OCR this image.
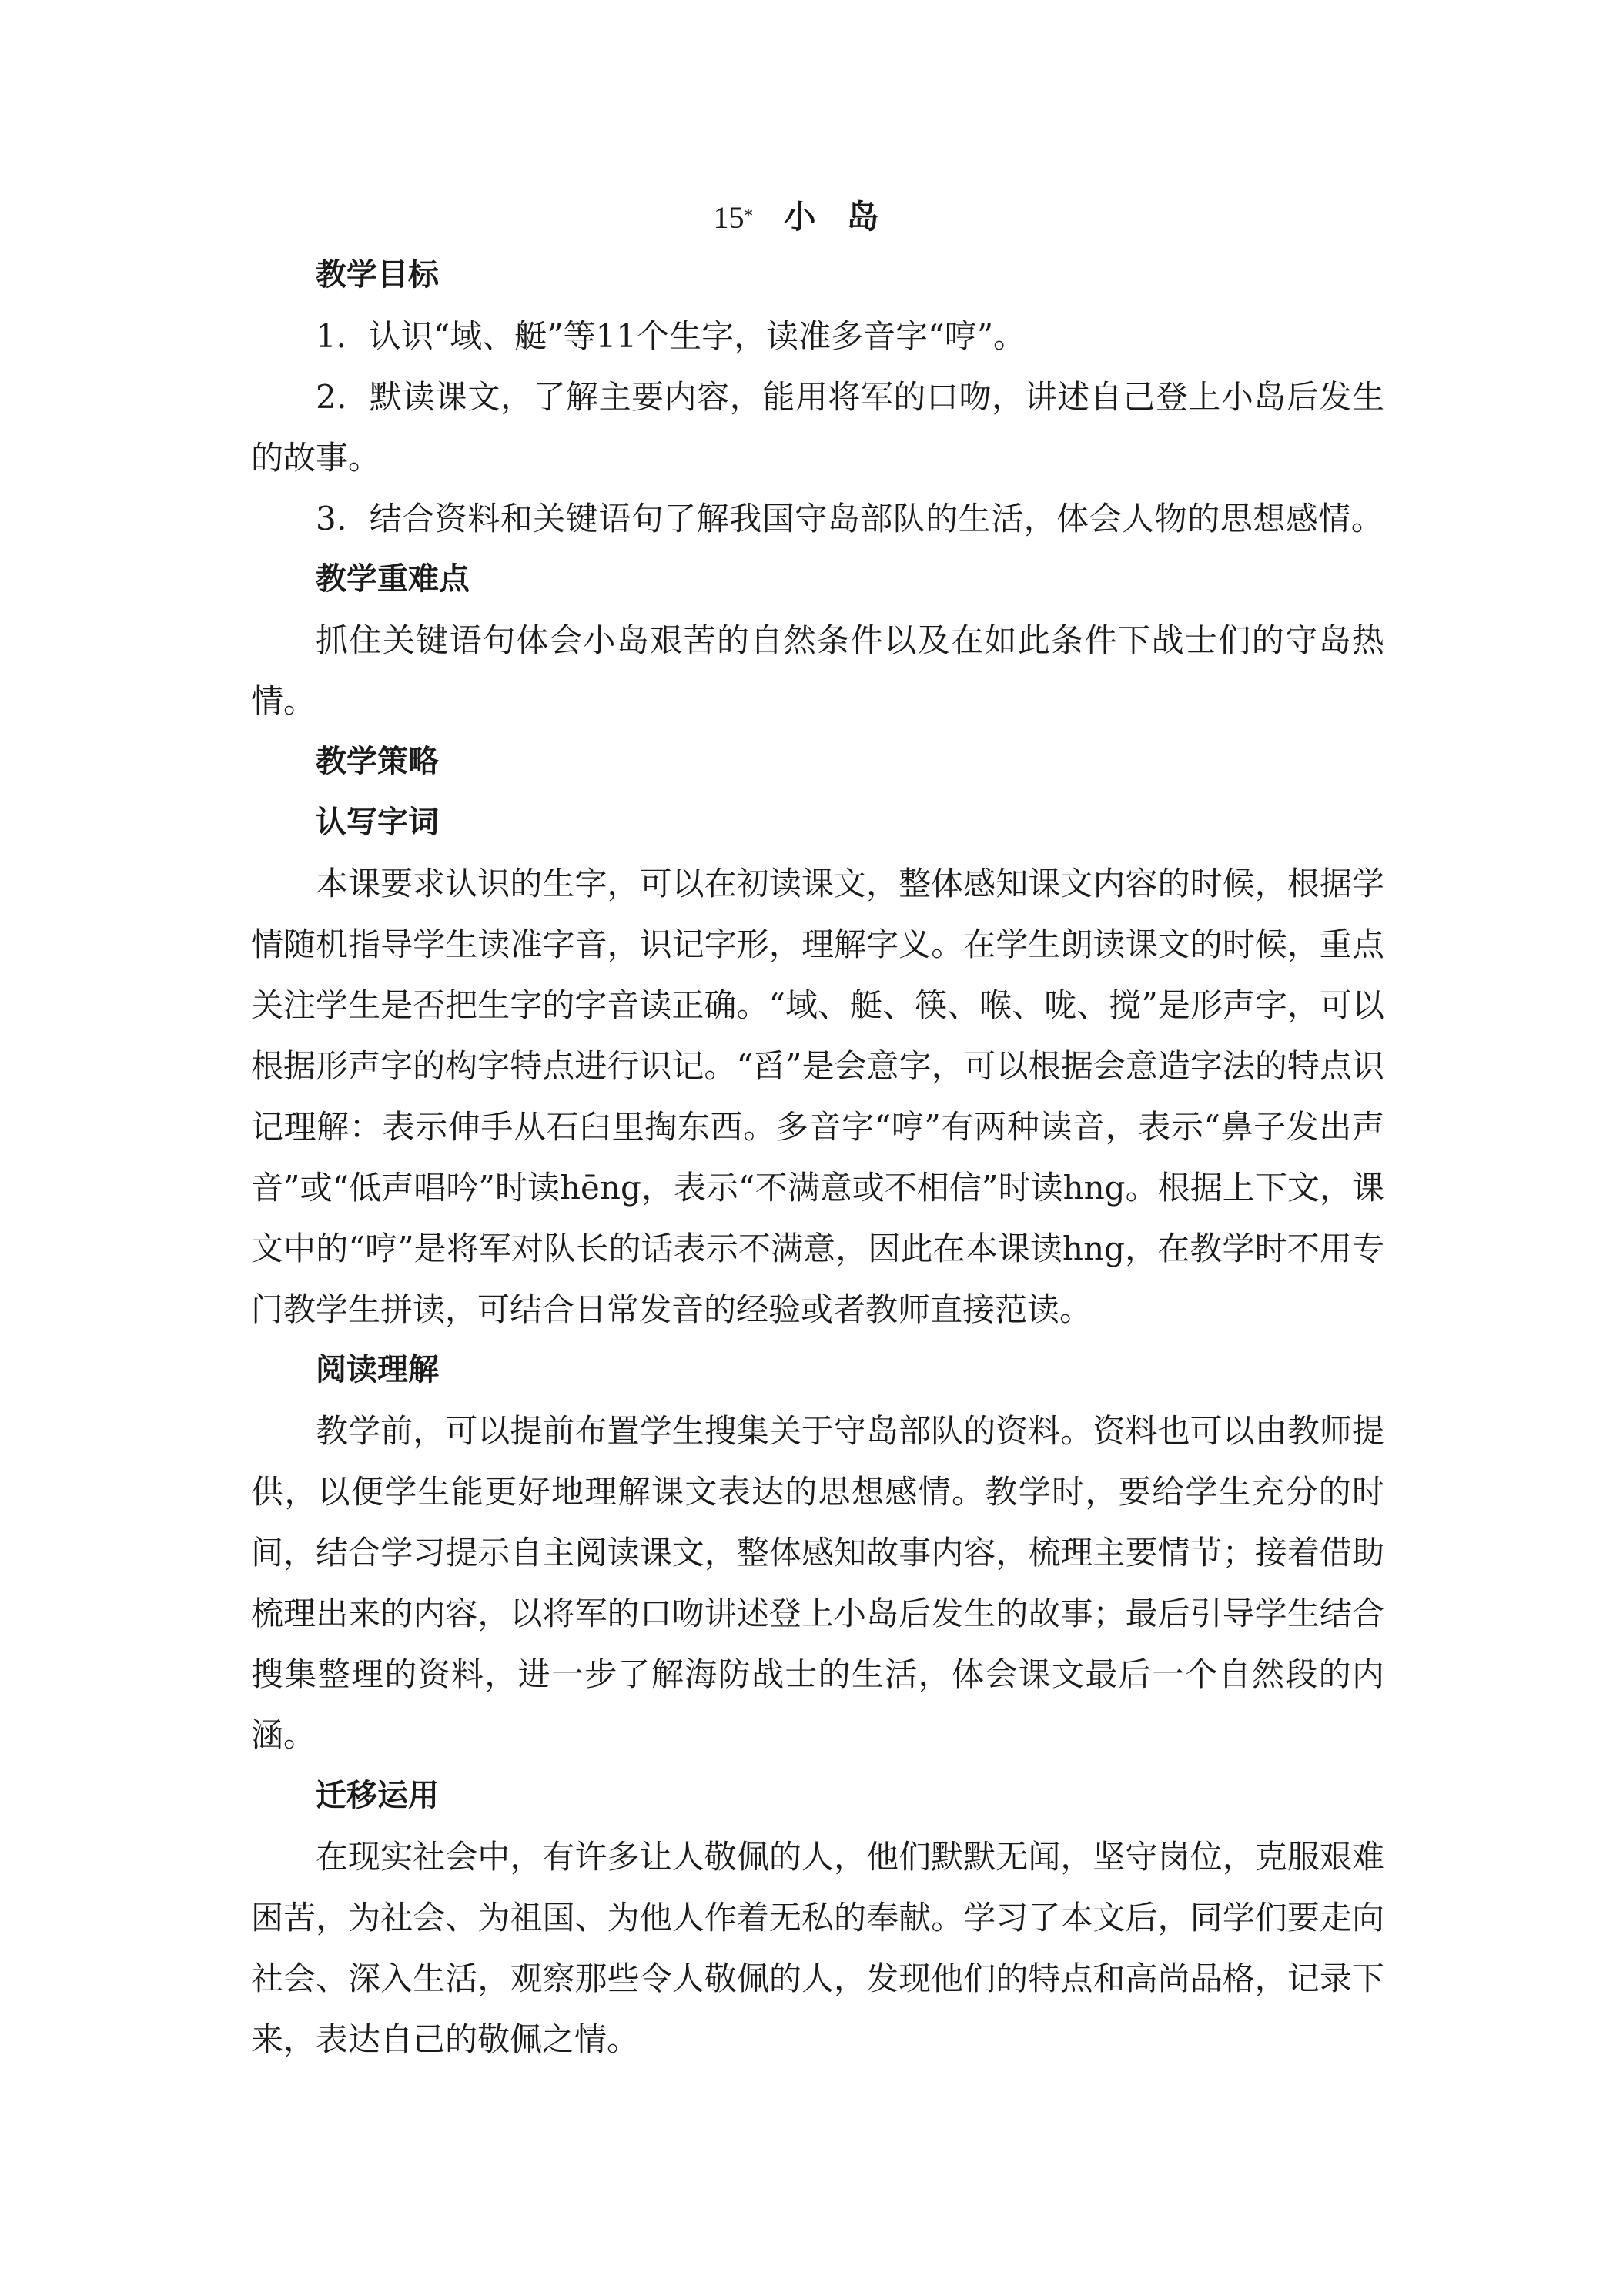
15* 小岛
教学目标

1．认识“域、艇”等11个生字，读准多音字“哼”。

2．默读课文，了解主要内容，能用将军的口吻，讲述自己登上小岛后发生的故事。

3．结合资料和关键语句了解我国守岛部队的生活，体会人物的思想感情。

教学重难点

抓住关键语句体会小岛艰苦的自然条件以及在如此条件下战士们的守岛热情。

教学策略
认写字词

本课要求认识的生字，可以在初读课文，整体感知课文内容的时候，根据学情随机指导学生读准字音，识记字形，理解字义。在学生朗读课文的时候，重点关注学生是否把生字的字音读正确。“域、艇、筷、喉、咙、搅”是形声字，可以根据形声字的构字特点进行识记。“舀”是会意字，可以根据会意造字法的特点识记理解：表示伸手从石臼里掏东西。多音字“哼”有两种读音，表示“鼻子发出声音”或“低声唱吟”时读hēng，表示“不满意或不相信”时读hng。根据上下文，课文中的“哼”是将军对队长的话表示不满意，因此在本课读hng，在教学时不用专门教学生拼读，可结合日常发音的经验或者教师直接范读。

阅读理解

教学前，可以提前布置学生搜集关于守岛部队的资料。资料也可以由教师提供，以便学生能更好地理解课文表达的思想感情。教学时，要给学生充分的时间，结合学习提示自主阅读课文，整体感知故事内容，梳理主要情节；接着借助梳理出来的内容，以将军的口吻讲述登上小岛后发生的故事；最后引导学生结合搜集整理的资料，进一步了解海防战士的生活，体会课文最后一个自然段的内涵。

迁移运用

在现实社会中，有许多让人敬佩的人，他们默默无闻，坚守岗位，克服艰难困苦，为社会、为祖国、为他人作着无私的奉献。学习了本文后，同学们要走向社会、深入生活，观察那些令人敬佩的人，发现他们的特点和高尚品格，记录下来，表达自己的敬佩之情。
